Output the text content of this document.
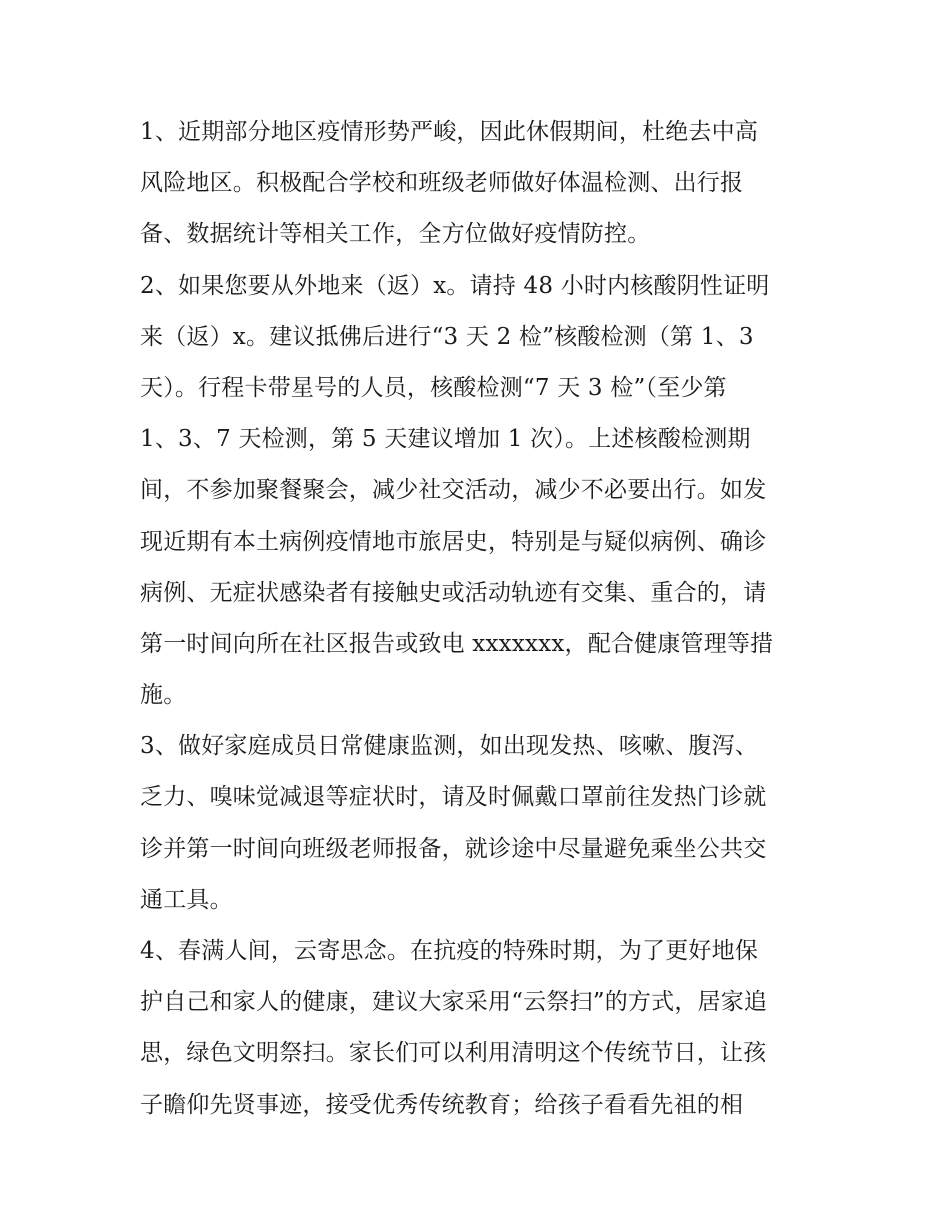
1、近期部分地区疫情形势严峻，因此休假期间，杜绝去中高
风险地区。积极配合学校和班级老师做好体温检测、出行报
备、数据统计等相关工作，全方位做好疫情防控。
2、如果您要从外地来（返）x。请持 48 小时内核酸阴性证明
来（返）x。建议抵佛后进行“3 天 2 检”核酸检测（第 1、3
天）。行程卡带星号的人员，核酸检测“7 天 3 检”（至少第
1、3、7 天检测，第 5 天建议增加 1 次）。上述核酸检测期
间，不参加聚餐聚会，减少社交活动，减少不必要出行。如发
现近期有本土病例疫情地市旅居史，特别是与疑似病例、确诊
病例、无症状感染者有接触史或活动轨迹有交集、重合的，请
第一时间向所在社区报告或致电 xxxxxxx，配合健康管理等措
施。
3、做好家庭成员日常健康监测，如出现发热、咳嗽、腹泻、
乏力、嗅味觉减退等症状时，请及时佩戴口罩前往发热门诊就
诊并第一时间向班级老师报备，就诊途中尽量避免乘坐公共交
通工具。
4、春满人间，云寄思念。在抗疫的特殊时期，为了更好地保
护自己和家人的健康，建议大家采用“云祭扫”的方式，居家追
思，绿色文明祭扫。家长们可以利用清明这个传统节日，让孩
子瞻仰先贤事迹，接受优秀传统教育；给孩子看看先祖的相
